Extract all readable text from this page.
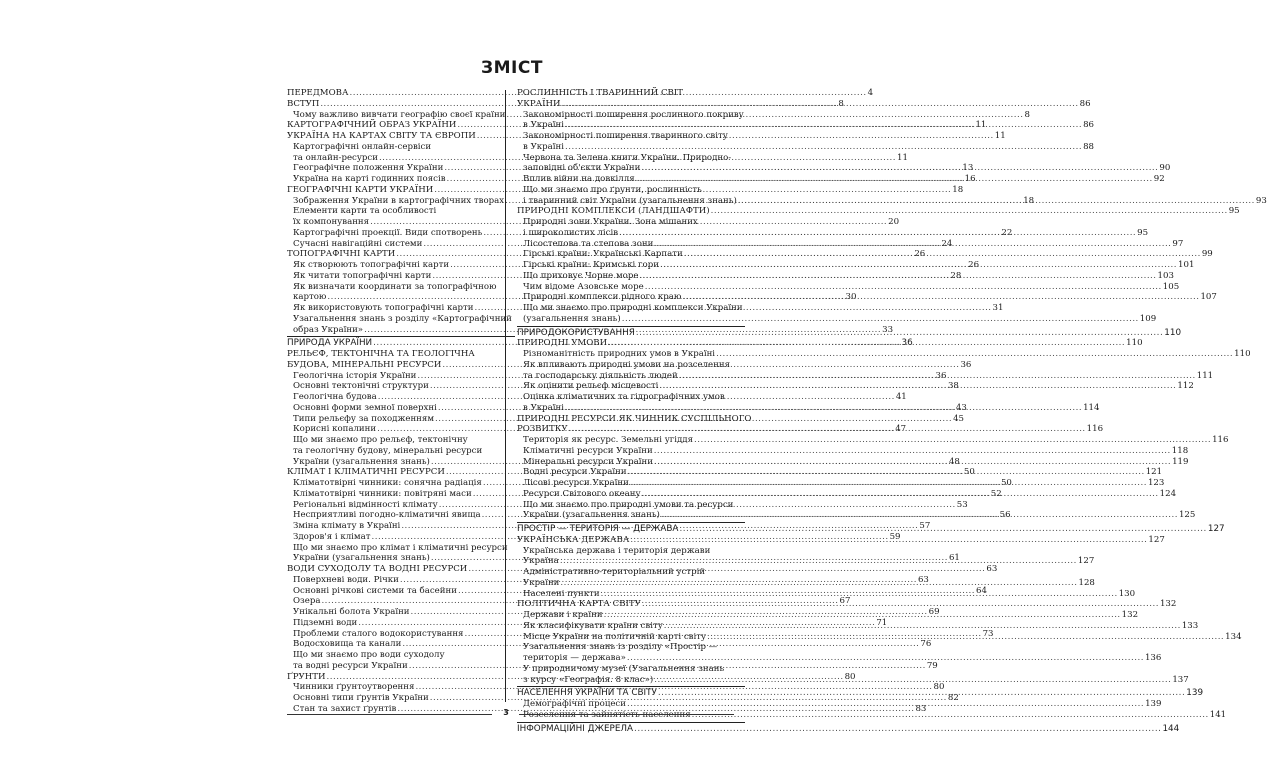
ЗМІСТ
ПЕРЕДМОВА .....	4
ВСТУП .....	8
Чому важливо вивчати географію своєї країни .....	8
КАРТОГРАФІЧНИЙ ОБРАЗ УКРАЇНИ .....	11
УКРАЇНА НА КАРТАХ СВІТУ ТА ЄВРОПИ .....	11
Картографічні онлайн-сервіси
та онлайн-ресурси .....	11
Географічне положення України .....	13
Україна на карті годинних поясів .....	16
ГЕОГРАФІЧНІ КАРТИ УКРАЇНИ .....	18
Зображення України в картографічних творах .....	18
Елементи карти та особливості
їх компонування .....	20
Картографічні проекції. Види спотворень .....	22
Сучасні навігаційні системи .....	24
ТОПОГРАФІЧНІ КАРТИ .....	26
Як створюють топографічні карти .....	26
Як читати топографічні карти .....	28
Як визначати координати за топографічною
картою .....	30
Як використовують топографічні карти .....	31
Узагальнення знань з розділу «Картографічний
образ України» .....	33
ПРИРОДА УКРАЇНИ .....	36
РЕЛЬЄФ, ТЕКТОНІЧНА ТА ГЕОЛОГІЧНА
БУДОВА, МІНЕРАЛЬНІ РЕСУРСИ .....	36
Геологічна історія України .....	36
Основні тектонічні структури .....	38
Геологічна будова .....	41
Основні форми земної поверхні .....	43
Типи рельєфу за походженням .....	45
Корисні копалини .....	47
Що ми знаємо про рельєф, тектонічну
та геологічну будову, мінеральні ресурси
України (узагальнення знань) .....	48
КЛІМАТ І КЛІМАТИЧНІ РЕСУРСИ .....	50
Кліматотвірні чинники: сонячна радіація .....	50
Кліматотвірні чинники: повітряні маси .....	52
Регіональні відмінності клімату .....	53
Несприятливі погодно-кліматичні явища .....	56
Зміна клімату в Україні .....	57
Здоров'я і клімат .....	59
Що ми знаємо про клімат і кліматичні ресурси
України (узагальнення знань) .....	61
ВОДИ СУХОДОЛУ ТА ВОДНІ РЕСУРСИ .....	63
Поверхневі води. Річки .....	63
Основні річкові системи та басейни .....	64
Озера .....	67
Унікальні болота України .....	69
Підземні води .....	71
Проблеми сталого водокористування .....	73
Водосховища та канали .....	76
Що ми знаємо про води суходолу
та водні ресурси України .....	79
ҐРУНТИ .....	80
Чинники ґрунтоутворення .....	80
Основні типи ґрунтів України .....	82
Стан та захист ґрунтів .....	83
РОСЛИННІСТЬ І ТВАРИННИЙ СВІТ
УКРАЇНИ .....	86
Закономірності поширення рослинного покриву
в Україні .....	86
Закономірності поширення тваринного світу
в Україні .....	88
Червона та Зелена книги України. Природно-
заповідні об'єкти України .....	90
Вплив війни на довкілля .....	92
Що ми знаємо про ґрунти, рослинність
і тваринний світ України (узагальнення знань) .....	93
ПРИРОДНІ КОМПЛЕКСИ (ЛАНДШАФТИ) .....	95
Природні зони України. Зона мішаних
і широколистих лісів .....	95
Лісостепова та степова зони .....	97
Гірські країни: Українські Карпати .....	99
Гірські країни: Кримські гори .....	101
Що приховує Чорне море .....	103
Чим відоме Азовське море .....	105
Природні комплекси рідного краю .....	107
Що ми знаємо про природні комплекси України
(узагальнення знань) .....	109
ПРИРОДОКОРИСТУВАННЯ .....	110
ПРИРОДНІ УМОВИ .....	110
Різноманітність природних умов в Україні .....	110
Як впливають природні умови на розселення
та господарську діяльність людей .....	111
Як оцінити рельєф місцевості .....	112
Оцінка кліматичних та гідрографічних умов
в Україні .....	114
ПРИРОДНІ РЕСУРСИ ЯК ЧИННИК СУСПІЛЬНОГО
РОЗВИТКУ .....	116
Територія як ресурс. Земельні угіддя .....	116
Кліматичні ресурси України .....	118
Мінеральні ресурси України .....	119
Водні ресурси України .....	121
Лісові ресурси України .....	123
Ресурси Світового океану .....	124
Що ми знаємо про природні умови та ресурси
України (узагальнення знань) .....	125
ПРОСТІР — ТЕРИТОРІЯ — ДЕРЖАВА .....	127
УКРАЇНСЬКА ДЕРЖАВА .....	127
Українська держава і територія держави
Україна .....	127
Адміністративно-територіальний устрій
України .....	128
Населені пункти .....	130
ПОЛІТИЧНА КАРТА СВІТУ .....	132
Держави і країни .....	132
Як класифікувати країни світу .....	133
Місце України на політичній карті світу .....	134
Узагальнення знань із розділу «Простір —
територія — держава» .....	136
У природничому музеї (Узагальнення знань
з курсу «Географія. 8 клас») .....	137
НАСЕЛЕННЯ УКРАЇНИ ТА СВІТУ .....	139
Демографічні процеси .....	139
Розселення та зайнятість населення .....	141
ІНФОРМАЦІЙНІ ДЖЕРЕЛА .....	144
3
